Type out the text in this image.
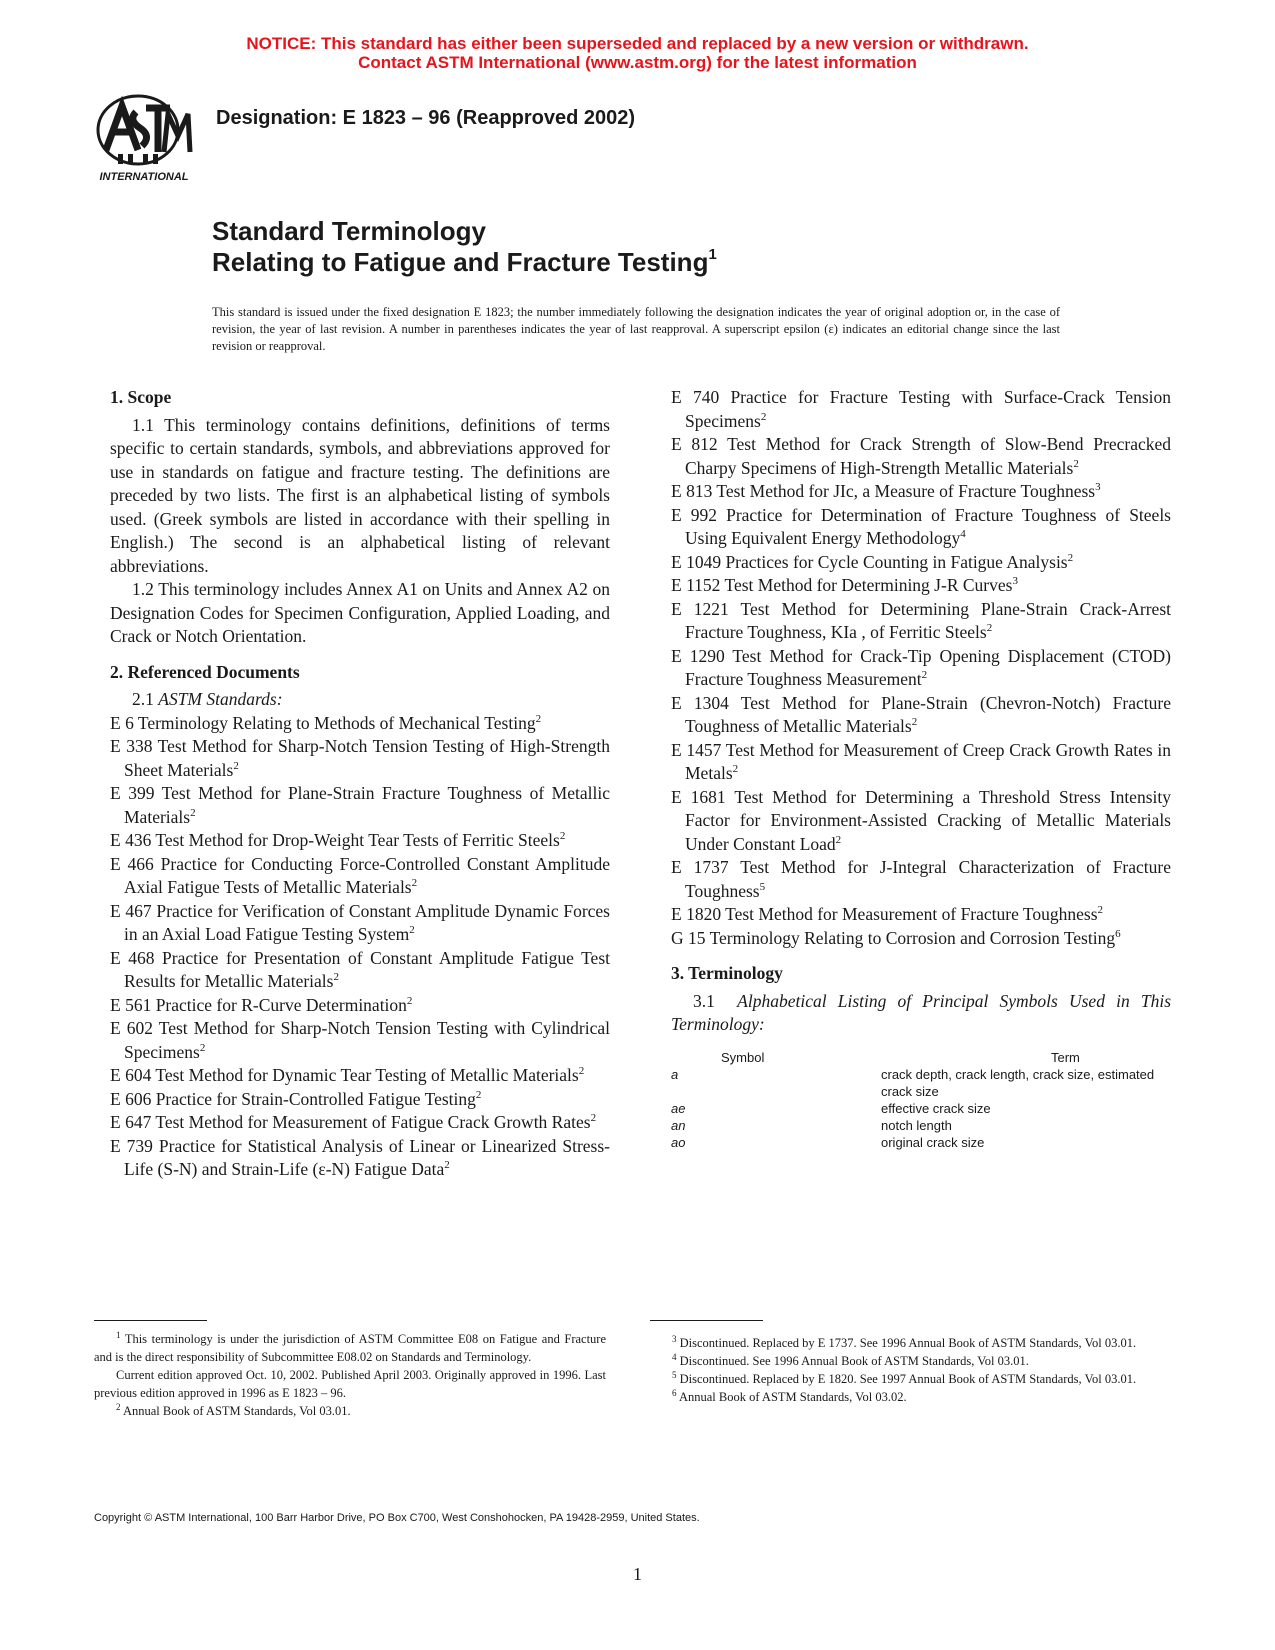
NOTICE: This standard has either been superseded and replaced by a new version or withdrawn.
Contact ASTM International (www.astm.org) for the latest information
INTERNATIONAL
Designation: E 1823 – 96 (Reapproved 2002)
Standard Terminology
Relating to Fatigue and Fracture Testing$^1$
This standard is issued under the fixed designation E 1823; the number immediately following the designation indicates the year of original adoption or, in the case of revision, the year of last revision. A number in parentheses indicates the year of last reapproval. A superscript epsilon (ε) indicates an editorial change since the last revision or reapproval.

1. Scope

1.1 This terminology contains definitions, definitions of terms specific to certain standards, symbols, and abbreviations approved for use in standards on fatigue and fracture testing. The definitions are preceded by two lists. The first is an alphabetical listing of symbols used. (Greek symbols are listed in accordance with their spelling in English.) The second is an alphabetical listing of relevant abbreviations.

1.2 This terminology includes Annex A1 on Units and Annex A2 on Designation Codes for Specimen Configuration, Applied Loading, and Crack or Notch Orientation.

2. Referenced Documents

2.1 ASTM Standards:

E 6 Terminology Relating to Methods of Mechanical Testing$^2$

E 338 Test Method for Sharp-Notch Tension Testing of High-Strength Sheet Materials$^2$

E 399 Test Method for Plane-Strain Fracture Toughness of Metallic Materials$^2$

E 436 Test Method for Drop-Weight Tear Tests of Ferritic Steels$^2$

E 466 Practice for Conducting Force-Controlled Constant Amplitude Axial Fatigue Tests of Metallic Materials$^2$

E 467 Practice for Verification of Constant Amplitude Dynamic Forces in an Axial Load Fatigue Testing System$^2$

E 468 Practice for Presentation of Constant Amplitude Fatigue Test Results for Metallic Materials$^2$

E 561 Practice for R-Curve Determination$^2$

E 602 Test Method for Sharp-Notch Tension Testing with Cylindrical Specimens$^2$

E 604 Test Method for Dynamic Tear Testing of Metallic Materials$^2$

E 606 Practice for Strain-Controlled Fatigue Testing$^2$

E 647 Test Method for Measurement of Fatigue Crack Growth Rates$^2$

E 739 Practice for Statistical Analysis of Linear or Linearized Stress-Life (S-N) and Strain-Life (ε-N) Fatigue Data$^2$

E 740 Practice for Fracture Testing with Surface-Crack Tension Specimens$^2$

E 812 Test Method for Crack Strength of Slow-Bend Precracked Charpy Specimens of High-Strength Metallic Materials$^2$

E 813 Test Method for JIc, a Measure of Fracture Toughness$^3$

E 992 Practice for Determination of Fracture Toughness of Steels Using Equivalent Energy Methodology$^4$

E 1049 Practices for Cycle Counting in Fatigue Analysis$^2$

E 1152 Test Method for Determining J-R Curves$^3$

E 1221 Test Method for Determining Plane-Strain Crack-Arrest Fracture Toughness, KIa , of Ferritic Steels$^2$

E 1290 Test Method for Crack-Tip Opening Displacement (CTOD) Fracture Toughness Measurement$^2$

E 1304 Test Method for Plane-Strain (Chevron-Notch) Fracture Toughness of Metallic Materials$^2$

E 1457 Test Method for Measurement of Creep Crack Growth Rates in Metals$^2$

E 1681 Test Method for Determining a Threshold Stress Intensity Factor for Environment-Assisted Cracking of Metallic Materials Under Constant Load$^2$

E 1737 Test Method for J-Integral Characterization of Fracture Toughness$^5$

E 1820 Test Method for Measurement of Fracture Toughness$^2$

G 15 Terminology Relating to Corrosion and Corrosion Testing$^6$

3. Terminology

3.1 Alphabetical Listing of Principal Symbols Used in This Terminology:

Symbol	Term
a	crack depth, crack length, crack size, estimated crack size
ae	effective crack size
an	notch length
ao	original crack size

$^1$ This terminology is under the jurisdiction of ASTM Committee E08 on Fatigue and Fracture and is the direct responsibility of Subcommittee E08.02 on Standards and Terminology.

Current edition approved Oct. 10, 2002. Published April 2003. Originally approved in 1996. Last previous edition approved in 1996 as E 1823 – 96.

$^2$ Annual Book of ASTM Standards, Vol 03.01.

$^3$ Discontinued. Replaced by E 1737. See 1996 Annual Book of ASTM Standards, Vol 03.01.

$^4$ Discontinued. See 1996 Annual Book of ASTM Standards, Vol 03.01.

$^5$ Discontinued. Replaced by E 1820. See 1997 Annual Book of ASTM Standards, Vol 03.01.

$^6$ Annual Book of ASTM Standards, Vol 03.02.

Copyright © ASTM International, 100 Barr Harbor Drive, PO Box C700, West Conshohocken, PA 19428-2959, United States.
1
